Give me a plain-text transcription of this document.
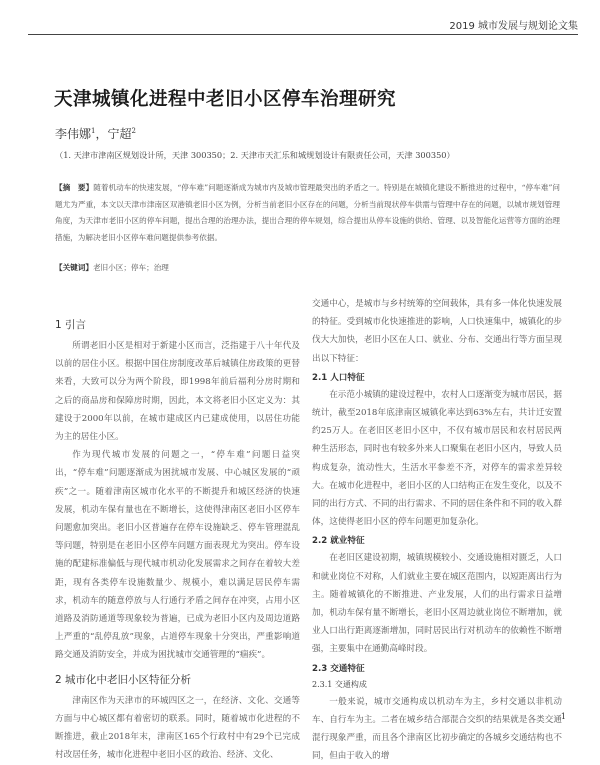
2019 城市发展与规划论文集
天津城镇化进程中老旧小区停车治理研究
李伟娜$^1$，宁超$^2$
（1. 天津市津南区规划设计所，天津 300350；2. 天津市天汇乐和城规划设计有限责任公司，天津 300350）
【摘　要】随着机动车的快速发展，“停车难”问题逐渐成为城市内及城市管理最突出的矛盾之一。特别是在城镇化建设不断推进的过程中，“停车难”问题尤为严重，本文以天津市津南区双港镇老旧小区为例，分析当前老旧小区存在的问题，分析当前现状停车供需与管理中存在的问题，以城市规划管理角度，为天津市老旧小区的停车问题，提出合理的治理办法，提出合理的停车规划，综合提出从停车设施的供给、管理、以及智能化运营等方面的治理措施，为解决老旧小区停车难问题提供参考依据。
【关键词】老旧小区；停车；治理
1 引言

所谓老旧小区是相对于新建小区而言，泛指建于八十年代及以前的居住小区。根据中国住房制度改革后城镇住房政策的更替来看，大致可以分为两个阶段，即1998年前后福利分房时期和之后的商品房和保障房时期，因此，本文将老旧小区定义为：其建设于2000年以前，在城市建成区内已建成使用，以居住功能为主的居住小区。

作为现代城市发展的问题之一，“停车难”问题日益突出，“停车难”问题逐渐成为困扰城市发展、中心城区发展的“顽疾”之一。随着津南区城市化水平的不断提升和城区经济的快速发展，机动车保有量也在不断增长，这使得津南区老旧小区停车问题愈加突出。老旧小区普遍存在停车设施缺乏、停车管理混乱等问题，特别是在老旧小区停车问题方面表现尤为突出。停车设施的配建标准偏低与现代城市机动化发展需求之间存在着较大差距，现有各类停车设施数量少、规模小，难以满足居民停车需求，机动车的随意停放与人行通行矛盾之间存在冲突，占用小区道路及消防通道等现象较为普遍，已成为老旧小区内及周边道路上严重的“乱停乱放”现象，占道停车现象十分突出，严重影响道路交通及消防安全，并成为困扰城市交通管理的“痼疾”。

2 城市化中老旧小区特征分析

津南区作为天津市的环城四区之一，在经济、文化、交通等方面与中心城区都有着密切的联系。同时，随着城市化进程的不断推进，截止2018年末，津南区165个行政村中有29个已完成村改居任务，城市化进程中老旧小区的政治、经济、文化、

交通中心，是城市与乡村统筹的空间载体，具有多一体化快速发展的特征。受到城市化快速推进的影响，人口快速集中，城镇化的步伐大大加快，老旧小区在人口、就业、分布、交通出行等方面呈现出以下特征：

2.1 人口特征

在示范小城镇的建设过程中，农村人口逐渐变为城市居民，据统计，截至2018年底津南区城镇化率达到63%左右，共计迁安置约25万人。在老旧区老旧小区中，不仅有城市居民和农村居民两种生活形态，同时也有较多外来人口聚集在老旧小区内，导致人员构成复杂，流动性大，生活水平参差不齐，对停车的需求差异较大。在城市化进程中，老旧小区的人口结构正在发生变化，以及不同的出行方式、不同的出行需求、不同的居住条件和不同的收入群体，这使得老旧小区的停车问题更加复杂化。

2.2 就业特征

在老旧区建设初期，城镇规模较小、交通设施相对匮乏，人口和就业岗位不对称，人们就业主要在城区范围内，以短距离出行为主。随着城镇化的不断推进、产业发展，人们的出行需求日益增加，机动车保有量不断增长，老旧小区周边就业岗位不断增加，就业人口出行距离逐渐增加，同时居民出行对机动车的依赖性不断增强，主要集中在通勤高峰时段。

2.3 交通特征
2.3.1 交通构成

一般来说，城市交通构成以机动车为主，乡村交通以非机动车、自行车为主。二者在城乡结合部混合交织的结果就是各类交通混行现象严重，而且各个津南区比初步确定的各城乡交通结构也不同，但由于收入的增

1
